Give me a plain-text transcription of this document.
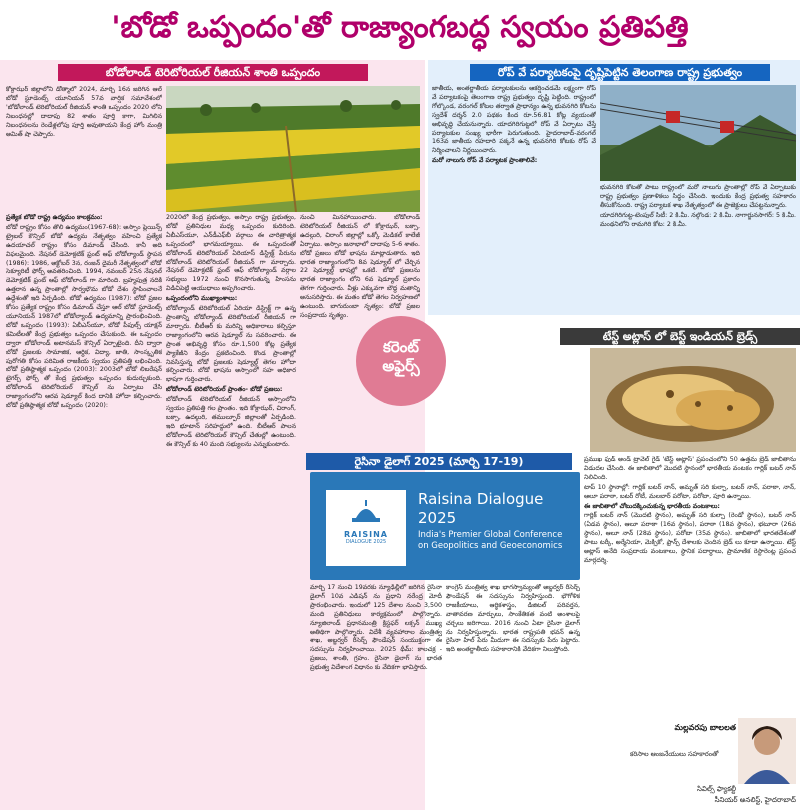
'బోడో ఒప్పందం'తో రాజ్యాంగబద్ధ స్వయం ప్రతిపత్తి
బోడోలాండ్ టెరిటోరియల్ రీజియన్ శాంతి ఒప్పందం

కోక్రాఝర్ జిల్లాలోని డోత్మాలో 2024, మార్చి 16న జరిగిన ఆల్ బోడో స్టూడెంట్స్ యూనియన్ 57వ వార్షిక సమావేశంలో 'బోడోలాండ్ టెరిటోరియల్ రీజియన్ శాంతి ఒప్పందం 2020 లోని నిబంధనల్లో దాదాపు 82 శాతం పూర్తి కాగా, మిగిలిన నిబంధనలను రెండేళ్లలోపు పూర్తి అవుతాయని కేంద్ర హోం మంత్రి అమిత్ షా చెప్పారు.

ప్రత్యేక బోడో రాష్ట్ర ఉద్యమం కాలక్రమం:

బోడో రాష్ట్రం కోసం తొలి ఉద్యమం(1967-68): అస్సాం ప్లెయిన్స్ ట్రైబల్ కౌన్సిల్ బోడో ఉద్యమ నేతృత్వం వహించి ప్రత్యేక ఉదయాచల్ రాష్ట్రం కోసం డిమాండ్ చేసింది. కానీ అది విఫలమైంది. నేషనల్ డెమోక్రటిక్ ఫ్రంట్ ఆఫ్ బోడోల్యాండ్ స్థాపన (1986): 1986, అక్టోబర్ 3న, రంజన్ దైమరీ నేతృత్వంలో బోడో సెక్యూరిటీ ఫోర్స్ అవతరించింది. 1994, నవంబర్ 25న నేషనల్ డెమోక్రటిక్ ఫ్రంట్ ఆఫ్ బోడోలాండ్ గా మారింది. బ్రహ్మపుత్ర నదికి ఉత్తరాన ఉన్న ప్రాంతాల్లో సార్వభౌమ బోడో దేశం స్థాపించాలనే ఉద్దేశంతో ఇది ఏర్పడింది. బోడో ఉద్యమం (1987): బోడో ప్రజల కోసం ప్రత్యేక రాష్ట్రం కోసం డిమాండ్ చేస్తూ ఆల్ బోడో స్టూడెంట్స్ యూనియన్ 1987లో బోడోల్యాండ్ ఉద్యమాన్ని ప్రారంభించింది. బోడో ఒప్పందం (1993): ఏబీఎస్‌యూ, బోడో పీపుల్స్ యాక్షన్ కమిటీలతో కేంద్ర ప్రభుత్వం ఒప్పందం చేసుకుంది. ఈ ఒప్పందం ద్వారా బోడోలాండ్ అటానమస్ కౌన్సిల్ ఏర్పాటైంది. దీని ద్వారా బోడో ప్రజలకు సామాజిక, ఆర్థిక, విద్యా, జాతి, సాంస్కృతిక పురోగతి కోసం పరిమిత రాజకీయ స్వయం ప్రతిపత్తి లభించింది. బోడో ప్రతిష్ఠాత్మక ఒప్పందం (2003): 2003లో బోడో లిబరేషన్ టైగర్స్ ఫోర్స్ తో కేంద్ర ప్రభుత్వం ఒప్పందం కుదుర్చుకుంది. బోడోలాండ్ టెరిటోరియల్ కౌన్సిల్ ను ఏర్పాటు చేసి రాజ్యాంగంలోని ఆరవ షెడ్యూల్ కింద దానికి హోదా కల్పించారు. బోడో ప్రతిష్ఠాత్మక బోడో ఒప్పందం (2020):

2020లో కేంద్ర ప్రభుత్వం, అస్సాం రాష్ట్ర ప్రభుత్వం, బోడో ప్రతినిధుల మధ్య ఒప్పందం కుదిరింది. ఏబీఎస్‌యూ, ఎన్‌డీఎఫ్‌బీ వర్గాలు ఈ చారిత్రాత్మక ఒప్పందంలో భాగమయ్యాయి. ఈ ఒప్పందంతో బోడోలాండ్ టెరిటోరియల్ ఏరియాస్ డిస్ట్రిక్ట్ పేరును బోడోలాండ్ టెరిటోరియల్ రీజియన్ గా మార్చారు. నేషనల్ డెమోక్రటిక్ ఫ్రంట్ ఆఫ్ బోడోల్యాండ్ వర్గాల సభ్యులు 1972 నుంచి కొనసాగుతున్న హింసను విడిచిపెట్టి ఆయుధాలు అప్పగించారు.

ఒప్పందంలోని ముఖ్యాంశాలు:

బోడోల్యాండ్ టెరిటోరియల్ ఏరియా డిస్ట్రిక్ట్ గా ఉన్న ప్రాంతాన్ని బోడోల్యాండ్ టెరిటోరియల్ రీజియన్ గా మార్చారు. బీటీఆర్ కు మరిన్ని అధికారాలు కల్పిస్తూ రాజ్యాంగంలోని ఆరవ షెడ్యూల్ ను సవరించారు. ఈ ప్రాంత అభివృద్ధి కోసం రూ.1,500 కోట్ల ప్రత్యేక ప్యాకేజీని కేంద్రం ప్రకటించింది. కొండ ప్రాంతాల్లో నివసిస్తున్న బోడో ప్రజలకు షెడ్యూల్డ్ తెగల హోదా కల్పించారు. బోడో భాషను అస్సాంలో సహ అధికార భాషగా గుర్తించారు.

బోడోలాండ్ టెరిటోరియల్ ప్రాంతం- బోడో ప్రజలు:

బోడోలాండ్ టెరిటోరియల్ రీజియన్ అస్సాంలోని స్వయం ప్రతిపత్తి గల ప్రాంతం. ఇది కోక్రాఝర్, చిరాంగ్, బక్సా, ఉదల్గురి, తముల్పూర్ జిల్లాలతో ఏర్పడింది. ఇది భూటాన్ సరిహద్దులో ఉంది. బీటీఆర్ పాలన బోడోలాండ్ టెరిటోరియల్ కౌన్సిల్ చేతుల్లో ఉంటుంది. ఈ కౌన్సిల్ కు 40 మంది సభ్యులను ఎన్నుకుంటారు.

నుంచి మినహాయించారు. బోడోలాండ్ టెరిటోరియల్ రీజియన్ లో కోక్రాఝర్, బక్సా, ఉదల్గురి, చిరాంగ్ జిల్లాల్లో ఒక్కో మెడికల్ కాలేజీ ఏర్పాటు. అస్సాం జనాభాలో దాదాపు 5-6 శాతం. బోడో ప్రజలు బోడో భాషను మాట్లాడుతారు. ఇది భారత రాజ్యాంగంలోని 8వ షెడ్యూల్ లో చేర్చిన 22 షెడ్యూల్డ్ భాషల్లో ఒకటి. బోడో ప్రజలను భారత రాజ్యాంగం లోని 6వ షెడ్యూల్ ప్రకారం తెగగా గుర్తించారు. వీళ్లు ఎక్కువగా బౌద్ధ మతాన్ని అనుసరిస్తారు. ఈ మతం బోడో తెగల నిర్వహణలో ఉంటుంది. బాగురుంబా నృత్యం: బోడో ప్రజల సంప్రదాయ నృత్యం.

కరెంట్
అఫైర్స్
రోప్ వే పర్యాటకంపై దృష్టిపెట్టిన తెలంగాణ రాష్ట్ర ప్రభుత్వం

జాతీయ, అంతర్జాతీయ పర్యాటకులను ఆకర్షించడమే లక్ష్యంగా రోప్ వే పర్యాటకంపై తెలంగాణ రాష్ట్ర ప్రభుత్వం దృష్టి పెట్టింది. రాష్ట్రంలో గోల్కొండ, వరంగల్ కోటల తర్వాత ప్రాధాన్యం ఉన్న భువనగిరి కోటను స్వదేశ్ దర్శన్ 2.0 పథకం కింద రూ.56.81 కోట్ల వ్యయంతో అభివృద్ధి చేయనున్నారు. యాదగిరిగుట్టలో రోప్ వే ఏర్పాటు చేస్తే పర్యాటకుల సంఖ్య భారీగా పెరుగుతుంది. హైదరాబాద్-వరంగల్ 163వ జాతీయ రహదారి పక్కనే ఉన్న భువనగిరి కోటకు రోప్ వే నిర్మించాలని నిర్ణయించారు.

మరో నాలుగు రోప్ వే పర్యాటక ప్రాంతాలివే:

భువనగిరి కోటతో పాటు రాష్ట్రంలో మరో నాలుగు ప్రాంతాల్లో రోప్ వే ఏర్పాటుకు రాష్ట్ర ప్రభుత్వం ప్రణాళికలు సిద్ధం చేసింది. ఇందుకు కేంద్ర ప్రభుత్వ సహకారం తీసుకోనుంది. రాష్ట్ర పర్యాటక శాఖ నేతృత్వంలో ఈ ప్రాజెక్టులు చేపట్టనున్నారు.

యాదగిరిగుట్ట-టెంపుల్ సిటీ: 2 కి.మీ. నల్గొండ: 2 కి.మీ. నాగార్జునసాగర్: 5 కి.మీ. మంథనిలోని రామగిరి కోట: 2 కి.మీ.

టేస్ట్ అట్లాస్ లో బెస్ట్ ఇండియన్ బ్రెడ్స్

ప్రముఖ ఫుడ్ అండ్ ట్రావెల్ గైడ్ 'టేస్ట్ అట్లాస్' ప్రపంచంలోని 50 ఉత్తమ బ్రెడ్ జాబితాను విడుదల చేసింది. ఈ జాబితాలో మొదటి స్థానంలో భారతీయ వంటకం గార్లిక్ బటర్ నాన్ నిలిచింది.

టాప్ 10 స్థానాల్లో: గార్లిక్ బటర్ నాన్, అమృత్ సరి కుల్చా, బటర్ నాన్, పరాఠా, నాన్, ఆలూ పరాఠా, బటర్ రోటీ, మలబార్ పరోటా, పరోటా, పూరి ఉన్నాయి.

ఈ జాబితాలో చోటుదక్కించుకున్న భారతీయ వంటకాలు:

గార్లిక్ బటర్ నాన్ (మొదటి స్థానం), అమృత్ సరి కుల్చా (రెండో స్థానం), బటర్ నాన్ (ఏడవ స్థానం), ఆలూ పరాఠా (16వ స్థానం), పరాఠా (18వ స్థానం), భటూరా (26వ స్థానం), ఆలూ నాన్ (28వ స్థానం), పరోటా (35వ స్థానం). జాబితాలో భారతదేశంతో పాటు టర్కీ, అర్మేనియా, మెక్సికో, ఫ్రాన్స్ దేశాలకు చెందిన బ్రెడ్ లు కూడా ఉన్నాయి. టేస్ట్ అట్లాస్ అనేది సంప్రదాయ వంటకాలు, స్థానిక పదార్థాలు, ప్రామాణిక రెస్టారెంట్ల ప్రపంచ మార్గదర్శి.

రైసినా డైలాగ్ 2025 (మార్చి 17-19)
RAISINA
DIALOGUE 2025
Raisina Dialogue 2025
India's Premier Global Conference on Geopolitics and Geoeconomics

మార్చి 17 నుంచి 19వరకు న్యూఢిల్లీలో జరిగిన రైసినా డైలాగ్ 10వ ఎడిషన్ ను ప్రధాని నరేంద్ర మోదీ ప్రారంభించారు. ఇందులో 125 దేశాల నుంచి 3,500 మంది ప్రతినిధులు కార్యక్రమంలో పాల్గొన్నారు. న్యూజిలాండ్ ప్రధానమంత్రి క్రిస్టఫర్ లక్సన్ ముఖ్య అతిథిగా పాల్గొన్నారు. విదేశీ వ్యవహారాల మంత్రిత్వ శాఖ, అబ్జర్వర్ రీసెర్చ్ ఫౌండేషన్ సంయుక్తంగా ఈ సదస్సును నిర్వహించాయి. 2025 థీమ్: కాలచక్ర - ప్రజలు, శాంతి, గ్రహం. రైసినా డైలాగ్ ను భారత ప్రభుత్వ విదేశాంగ విధానం కు వేదికగా భావిస్తారు.

కాంగ్రెస్ మంత్రిత్వ శాఖ భాగస్వామ్యంతో అబ్జర్వర్ రీసెర్చ్ ఫౌండేషన్ ఈ సదస్సును నిర్వహిస్తుంది. భౌగోళిక రాజకీయాలు, ఆర్థికశాస్త్రం, డిజిటల్ పరివర్తన, వాతావరణ మార్పులు, సాంకేతికత వంటి అంశాలపై చర్చలు జరిగాయి. 2016 నుంచి ఏటా రైసినా డైలాగ్ ను నిర్వహిస్తున్నారు. భారత రాష్ట్రపతి భవన్ ఉన్న రైసినా హిల్ పేరు మీదుగా ఈ సదస్సుకు పేరు పెట్టారు. ఇది అంతర్జాతీయ సహకారానికి వేదికగా నిలుస్తోంది.

కరిసాల ఆంజనేయులు సహకారంతో
మల్లవరపు బాలలత
సివిల్స్ ఫ్యాకల్టీ
సీనియర్ అనలిస్ట్, హైదరాబాద్
